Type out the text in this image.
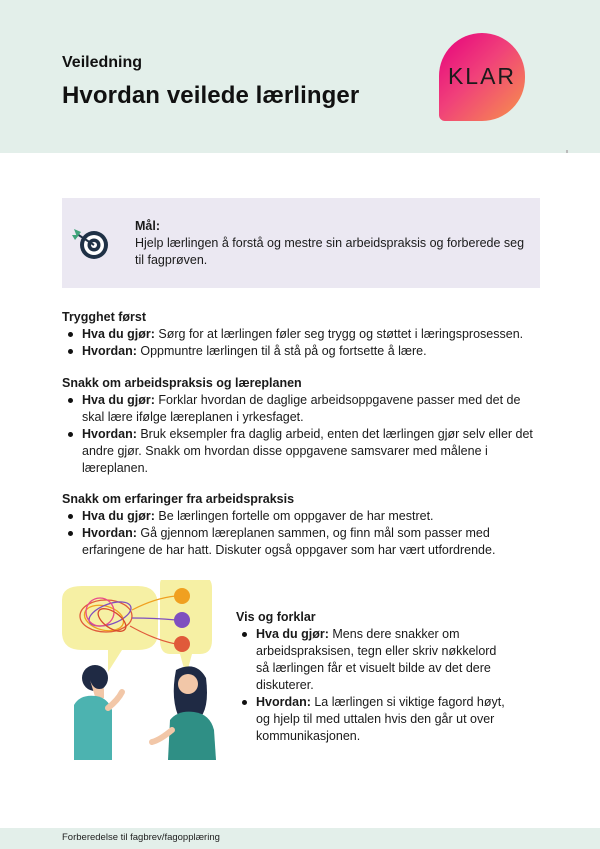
Veiledning
Hvordan veilede lærlinger
KLAR
Mål:
Hjelp lærlingen å forstå og mestre sin arbeidspraksis og forberede seg til fagprøven.
Trygghet først
Hva du gjør: Sørg for at lærlingen føler seg trygg og støttet i læringsprosessen.
Hvordan: Oppmuntre lærlingen til å stå på og fortsette å lære.
Snakk om arbeidspraksis og læreplanen
Hva du gjør: Forklar hvordan de daglige arbeidsoppgavene passer med det de skal lære ifølge læreplanen i yrkesfaget.
Hvordan: Bruk eksempler fra daglig arbeid, enten det lærlingen gjør selv eller det andre gjør. Snakk om hvordan disse oppgavene samsvarer med målene i læreplanen.
Snakk om erfaringer fra arbeidspraksis
Hva du gjør: Be lærlingen fortelle om oppgaver de har mestret.
Hvordan: Gå gjennom læreplanen sammen, og finn mål som passer med erfaringene de har hatt. Diskuter også oppgaver som har vært utfordrende.
Vis og forklar
Hva du gjør: Mens dere snakker om arbeidspraksisen, tegn eller skriv nøkkelord så lærlingen får et visuelt bilde av det dere diskuterer.
Hvordan: La lærlingen si viktige fagord høyt, og hjelp til med uttalen hvis den går ut over kommunikasjonen.
Forberedelse til fagbrev/fagopplæring
